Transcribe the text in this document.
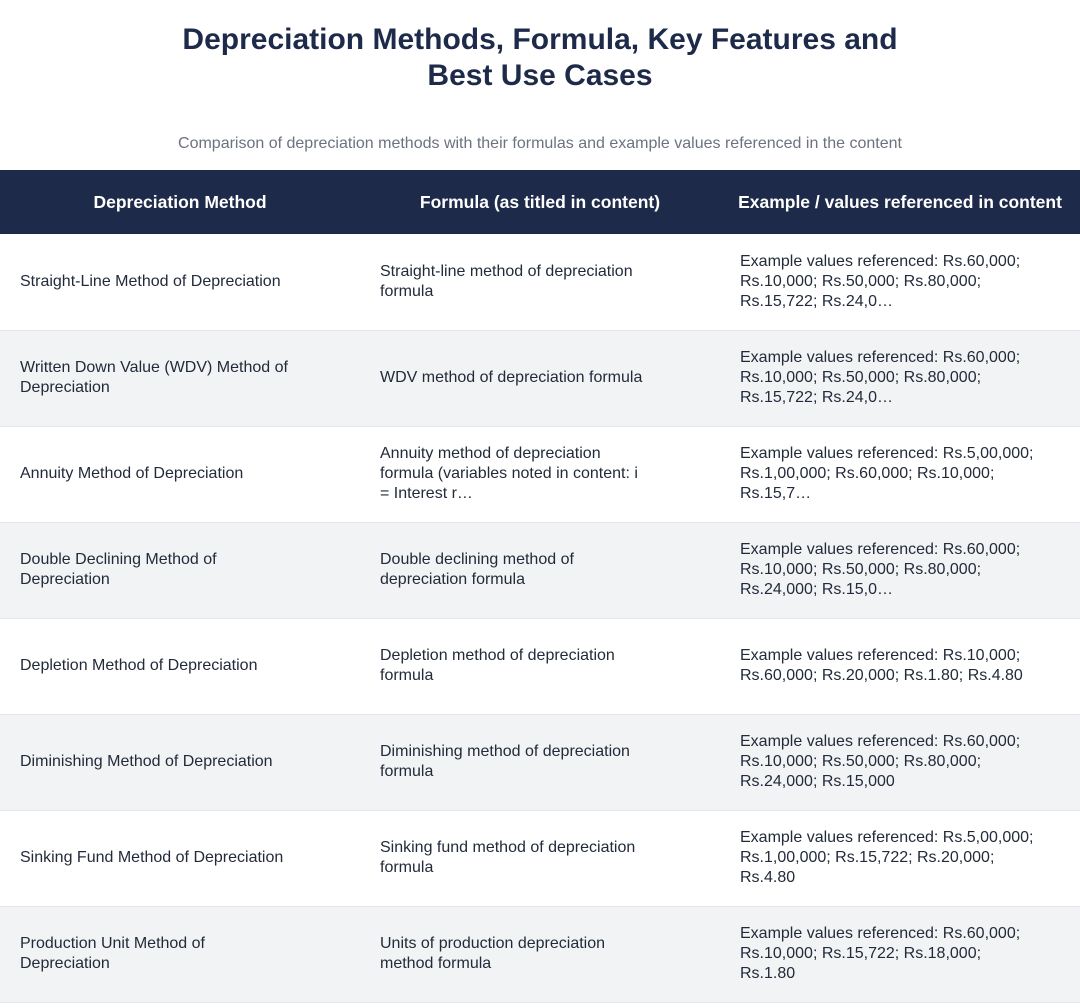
Depreciation Methods, Formula, Key Features and
Best Use Cases

Comparison of depreciation methods with their formulas and example values referenced in the content

Depreciation Method	Formula (as titled in content)	Example / values referenced in content

Straight-Line Method of Depreciation	Straight-line method of depreciation formula	Example values referenced: Rs.60,000; Rs.10,000; Rs.50,000; Rs.80,000; Rs.15,722; Rs.24,0…

Written Down Value (WDV) Method of Depreciation	WDV method of depreciation formula	Example values referenced: Rs.60,000; Rs.10,000; Rs.50,000; Rs.80,000; Rs.15,722; Rs.24,0…

Annuity Method of Depreciation	Annuity method of depreciation formula (variables noted in content: i = Interest r…	Example values referenced: Rs.5,00,000; Rs.1,00,000; Rs.60,000; Rs.10,000; Rs.15,7…

Double Declining Method of Depreciation	Double declining method of depreciation formula	Example values referenced: Rs.60,000; Rs.10,000; Rs.50,000; Rs.80,000; Rs.24,000; Rs.15,0…

Depletion Method of Depreciation	Depletion method of depreciation formula	Example values referenced: Rs.10,000; Rs.60,000; Rs.20,000; Rs.1.80; Rs.4.80

Diminishing Method of Depreciation	Diminishing method of depreciation formula	Example values referenced: Rs.60,000; Rs.10,000; Rs.50,000; Rs.80,000; Rs.24,000; Rs.15,000

Sinking Fund Method of Depreciation	Sinking fund method of depreciation formula	Example values referenced: Rs.5,00,000; Rs.1,00,000; Rs.15,722; Rs.20,000; Rs.4.80

Production Unit Method of Depreciation	Units of production depreciation method formula	Example values referenced: Rs.60,000; Rs.10,000; Rs.15,722; Rs.18,000; Rs.1.80
